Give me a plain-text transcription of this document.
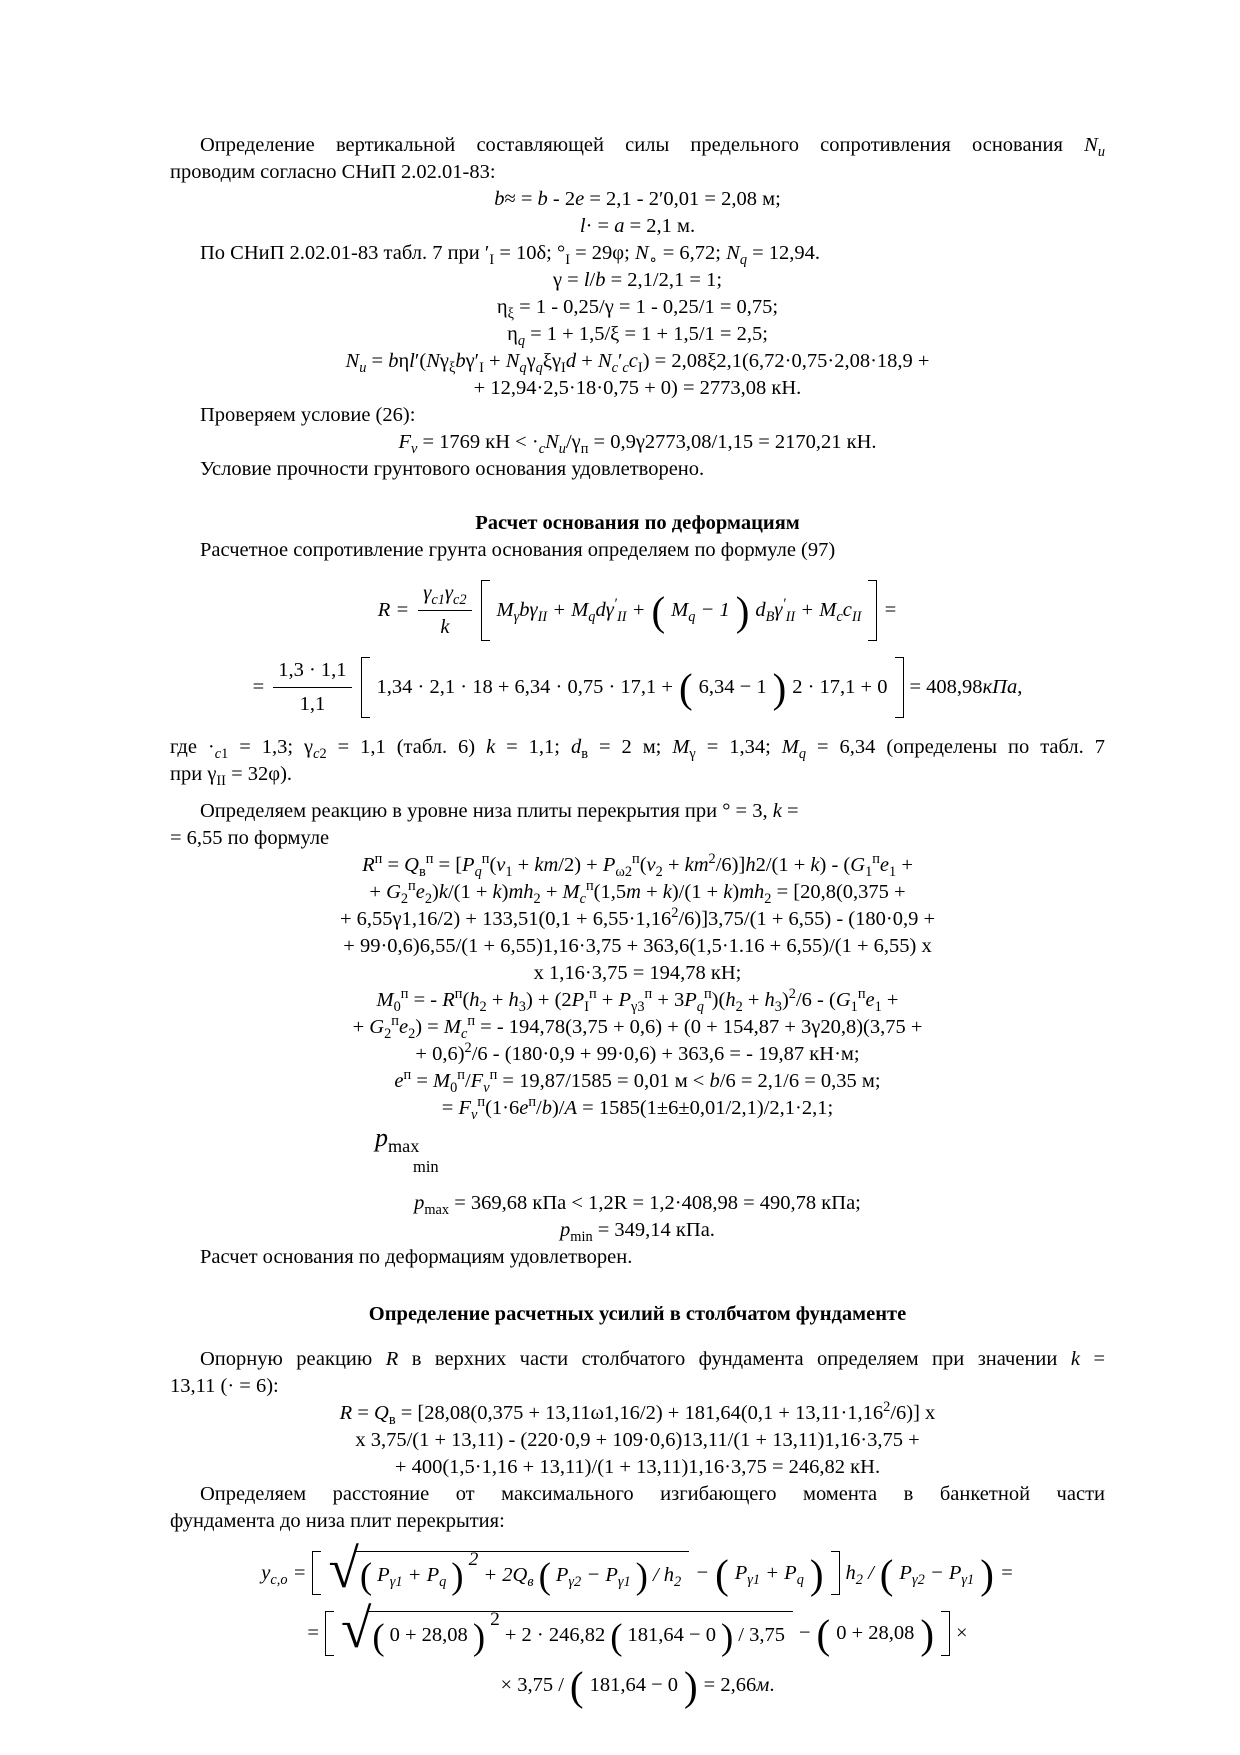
Определение вертикальной составляющей силы предельного сопротивления основания $N_u$
проводим согласно СНиП 2.02.01-83:
b≈ = b - 2e = 2,1 - 2′0,01 = 2,08 м;
l· = a = 2,1 м.
По СНиП 2.02.01-83 табл. 7 при $'_I = 10\delta$; $^\circ_I = 29\varphi$; $N_\circ = 6,72$; $N_q = 12,94$.
γ = l/b = 2,1/2,1 = 1;
$\eta_\xi = 1 - 0,25/\gamma = 1 - 0,25/1 = 0,75$;
$\eta_q = 1 + 1,5/\xi = 1 + 1,5/1 = 2,5$;
$N_u = b\eta l'(N\gamma_\xi b\gamma'_I + N_q\gamma_q\xi\gamma_Id + N_c'_cc_I) = 2,08\xi 2,1(6,72\cdot 0,75\cdot 2,08\cdot 18,9$ +
+ 12,94·2,5·18·0,75 + 0) = 2773,08 кН.
Проверяем условие (26):
$F_v = 1769$ кН < $\cdot_cN_u/\gamma_п = 0,9\gamma 2773,08/1,15 = 2170,21$ кН.
Условие прочности грунтового основания удовлетворено.
Расчет основания по деформациям
Расчетное сопротивление грунта основания определяем по формуле (97)
$R = \frac{\gamma_{c1}\gamma_{c2}}{k} M_\gamma b\gamma_{II} + M_qd\gamma'_{II}$ + ( $M_q - 1$ ) $d_B\gamma'_{II} + M_cc_{II}$ =
= $\frac{1,3 \cdot 1,1}{1,1} 1,34 \cdot 2,1 \cdot 18 + 6,34 \cdot 0,75 \cdot 17,1$ + ( 6,34 − 1 ) 2 · 17,1 + 0 = 408,98кПа,
где $\cdot_{c1} = 1,3$; $\gamma_{c2} = 1,1$ (табл. 6) k = 1,1; $d_в = 2$ м; $M_\gamma = 1,34$; $M_q = 6,34$ (определены по табл. 7
при $\gamma_{II} = 32\varphi$).
Определяем реакцию в уровне низа плиты перекрытия при ° = 3, k =
= 6,55 по формуле
$R^п = Q_в^п = [P_q^п(v_1 + km/2) + P_{\omega 2}^п(v_2 + km^2/6)]h2/(1 + k) - (G_1^пe_1$ +
+ $G_2^пe_2)k/(1 + k)mh_2 + M_c^п(1,5m + k)/(1 + k)mh_2 = [20,8(0,375$ +
+ $6,55\gamma 1,16/2) + 133,51(0,1 + 6,55\cdot 1,16^2/6)]3,75/(1 + 6,55) - (180\cdot 0,9$ +
+ 99·0,6)6,55/(1 + 6,55)1,16·3,75 + 363,6(1,5·1.16 + 6,55)/(1 + 6,55) х
х 1,16·3,75 = 194,78 кН;
$M_0^п$ = - $R^п(h_2 + h_3) + (2P_I^п + P_{\gamma 3}^п + 3P_q^п)(h_2 + h_3)^2/6 - (G_1^пe_1$ +
+ $G_2^пe_2) = M_c^п$ = - 194,78(3,75 + 0,6) + (0 + 154,87 + 3γ20,8)(3,75 +
+ 0,6)$^2$/6 - (180·0,9 + 99·0,6) + 363,6 = - 19,87 кН·м;
$e^п = M_0^п/F_v^п = 19,87/1585 = 0,01$ м < b/6 = 2,1/6 = 0,35 м;
= $F_v^п(1\cdot 6e^п/b)/A = 1585(1\pm 6\pm 0,01/2,1)/2,1\cdot 2,1$;
$p_{max}$
min
$p_{max} = 369,68$ кПа < 1,2R = 1,2·408,98 = 490,78 кПа;
$p_{min} = 349,14$ кПа.
Расчет основания по деформациям удовлетворен.
Определение расчетных усилий в столбчатом фундаменте
Опорную реакцию R в верхних части столбчатого фундамента определяем при значении k =
13,11 (· = 6):
$R = Q_в = [28,08(0,375 + 13,11\omega 1,16/2) + 181,64(0,1 + 13,11\cdot 1,16^2/6)]$ х
х 3,75/(1 + 13,11) - (220·0,9 + 109·0,6)13,11/(1 + 13,11)1,16·3,75 +
+ 400(1,5·1,16 + 13,11)/(1 + 13,11)1,16·3,75 = 246,82 кН.
Определяем расстояние от максимального изгибающего момента в банкетной части
фундамента до низа плит перекрытия:
$y_{c,o}$ = √ ( $P_{\gamma 1} + P_q$ ) 2
+ $2Q_в$ ( $P_{\gamma 2} - P_{\gamma 1}$ ) / $h_2$ − ( $P_{\gamma 1} + P_q$ ) $h_2$ / ( $P_{\gamma 2} - P_{\gamma 1}$ ) =
= √ ( 0 + 28,08 ) 2
+ 2 · 246,82 ( 181,64 − 0 ) / 3,75 − ( 0 + 28,08 ) ×
× 3,75 / ( 181,64 − 0 ) = 2,66м.
